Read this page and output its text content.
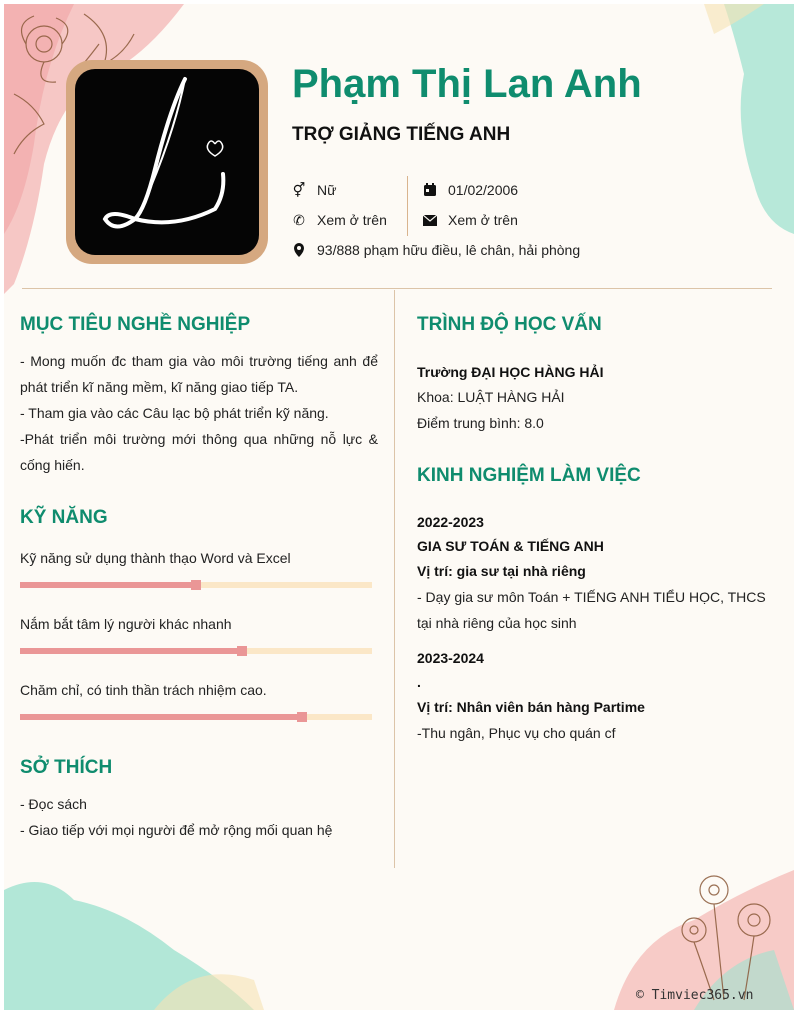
Phạm Thị Lan Anh
TRỢ GIẢNG TIẾNG ANH
⚥ Nữ
✆ Xem ở trên
93/888 phạm hữu điều, lê chân, hải phòng
01/02/2006
Xem ở trên
MỤC TIÊU NGHỀ NGHIỆP
- Mong muốn đc tham gia vào môi trường tiếng anh để phát triển kĩ năng mềm, kĩ năng giao tiếp TA.
- Tham gia vào các Câu lạc bộ phát triển kỹ năng.
-Phát triển môi trường mới thông qua những nỗ lực & cống hiến.
KỸ NĂNG
Kỹ năng sử dụng thành thạo Word và Excel
Nắm bắt tâm lý người khác nhanh
Chăm chỉ, có tinh thần trách nhiệm cao.
SỞ THÍCH
- Đọc sách
- Giao tiếp với mọi người để mở rộng mối quan hệ
TRÌNH ĐỘ HỌC VẤN
Trường ĐẠI HỌC HÀNG HẢI
Khoa: LUẬT HÀNG HẢI
Điểm trung bình: 8.0
KINH NGHIỆM LÀM VIỆC
2022-2023
GIA SƯ TOÁN & TIẾNG ANH
Vị trí: gia sư tại nhà riêng
- Dạy gia sư môn Toán + TIẾNG ANH TIỂU HỌC, THCS tại nhà riêng của học sinh
2023-2024
.
Vị trí: Nhân viên bán hàng Partime
-Thu ngân, Phục vụ cho quán cf
© Timviec365.vn
